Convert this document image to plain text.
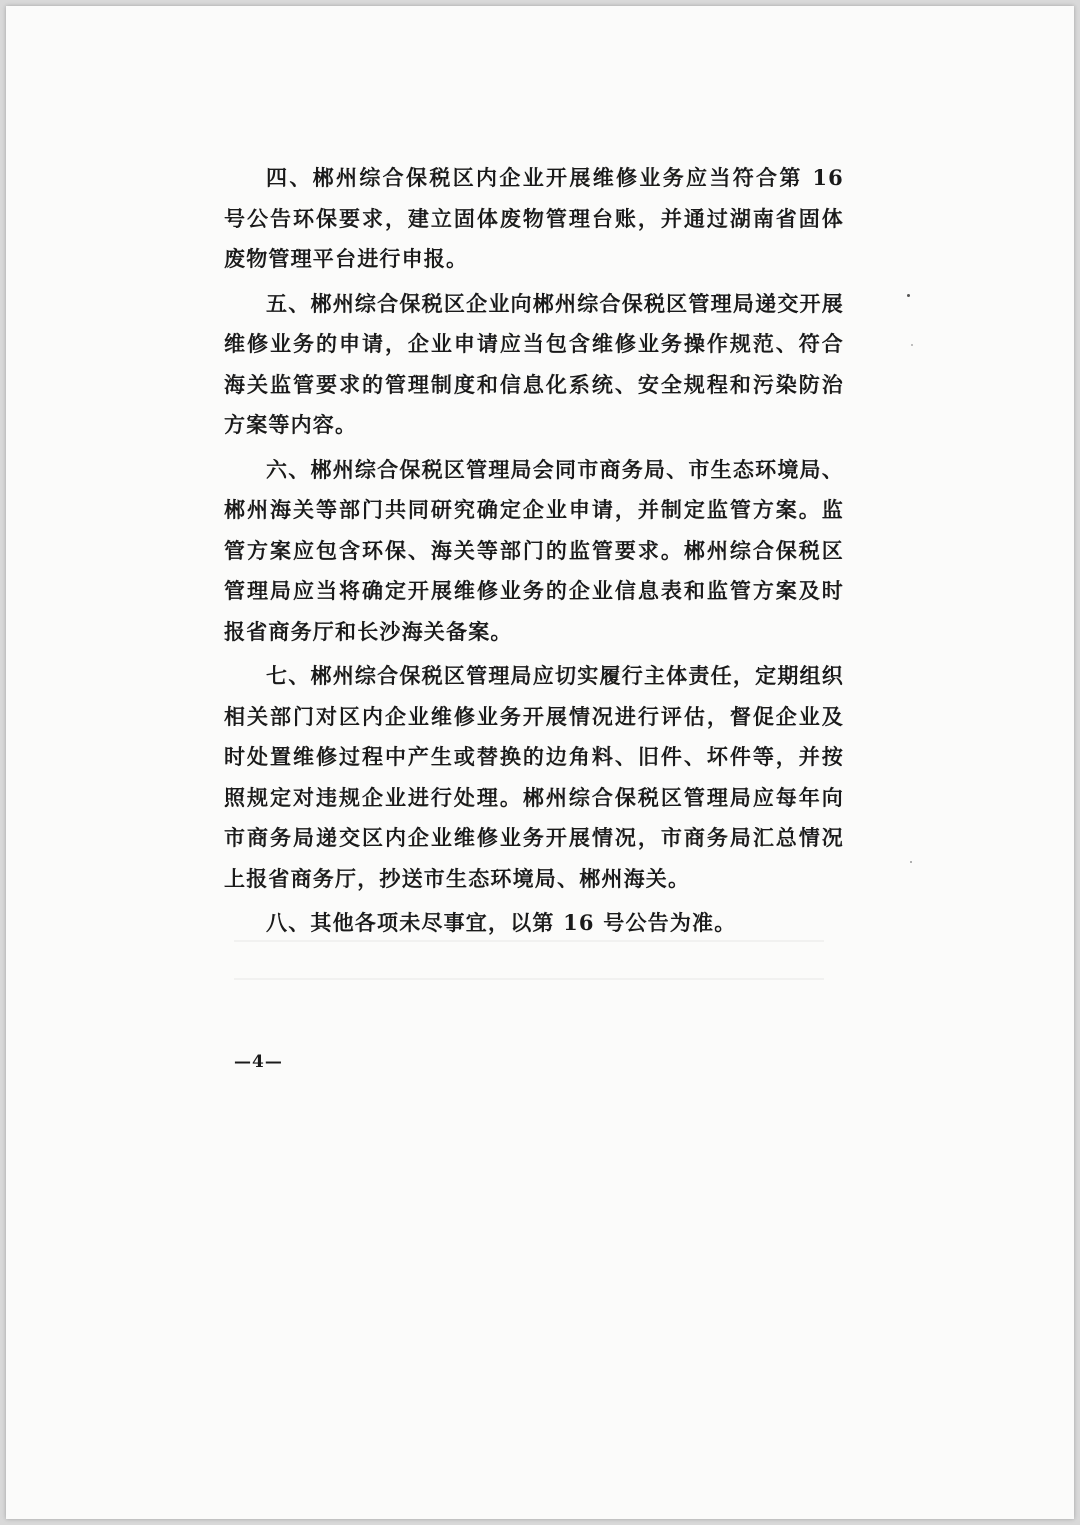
四、郴州综合保税区内企业开展维修业务应当符合第 16 号公告环保要求，建立固体废物管理台账，并通过湖南省固体废物管理平台进行申报。

五、郴州综合保税区企业向郴州综合保税区管理局递交开展维修业务的申请，企业申请应当包含维修业务操作规范、符合海关监管要求的管理制度和信息化系统、安全规程和污染防治方案等内容。

六、郴州综合保税区管理局会同市商务局、市生态环境局、郴州海关等部门共同研究确定企业申请，并制定监管方案。监管方案应包含环保、海关等部门的监管要求。郴州综合保税区管理局应当将确定开展维修业务的企业信息表和监管方案及时报省商务厅和长沙海关备案。

七、郴州综合保税区管理局应切实履行主体责任，定期组织相关部门对区内企业维修业务开展情况进行评估，督促企业及时处置维修过程中产生或替换的边角料、旧件、坏件等，并按照规定对违规企业进行处理。郴州综合保税区管理局应每年向市商务局递交区内企业维修业务开展情况，市商务局汇总情况上报省商务厅，抄送市生态环境局、郴州海关。

八、其他各项未尽事宜，以第 16 号公告为准。

—4—
